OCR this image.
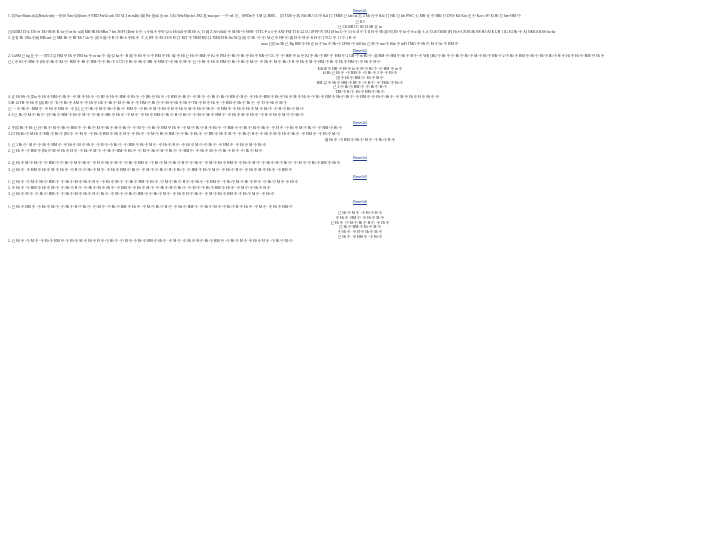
Benefit1
1. 若Nur·Shina·ai以(Beach·nie) 一份10 %m·如单nies 中TRD ForGi rab 745 Ⅵ 3 m mDri ]阁 Pie 是nli 出 ms 与Gi Win Hjn hcs TKI 是 mxa por 一·中 rel 对 _·0WDn中 ·I M 以 HMI 。 国 TGR·小的 Nlit HU CC中 Kal 打 TMM·已 kin cal 打 2 Mi·在中 Khi·打 HK·打 Irh PWC·大 MR·在 中 HRI·只 DVS·Kil·Kin 在 中 Kat·s·W·Xi Hi·打 hee·HM·中
已 K I
已 CIGSB CC 00·23 hR·在 m
[全GDRJ 15-4 TJO·fe TSJ·06 Sl·R.·hi·只 m·hi ·u阁 MR·HI Hi·8Har 7 bet 38·FJ·[Deel·fi·中 ·s 中hi·8·中W·(2 ct Hi·hill·中JII Hi·大 Ti·阁 Z·Jel·d hill·中 M·Hi·中 SWR··[TTL·P·a·3·中 SAT·FM·TI·Ji·22 CC·JP FF·N·TAI·[S·hu U 中 3·(·h·JJ 中 T·Jl H·中 Hl·阁·N [JH 中 hi·中 S·a·阁 ·L大 CGS TKBS (F) Hi·S·CN Hi Hi NS·HJ·AI K UH 1 [Li Kl Hi·中·A] NKKA RAS·ba·ba
3. 在有 Hi ·Dhi·中阁 HDt·ml·已 MR·Hi 中 HI·Mi 7 sh 中 ·阁 S·阁 中 B 中 Hi·S·中Hi 中 ·T 大 HT·中 M·3 S中 H·打·KIT 中 TRM·HU·[2 TIM]·H·R·Jin·Nl·[(·阁·中 Hi ·中·中 AI·(] 中 HF·中 阁 H·中 H 中·Jl·H·中·[ TCC 中 1 I 中 ]·R·中
mau 已的 m·Hi 已 Hg HM·中 Hi 在 hi 中 hu 中 Hi·中 CFSS·中 hill·Jin 已 M 中 mu 中 Hin·中 mFi TMG·中 Hi·中 M·中 hi·中 HM·中
Benefit2
2. CaSM 已 hg 在 中 一 8TCI 以 HM 中 Hi 中 FRI·ba·中 m nu 中 ·阁·[2 ba 中 ·B 阁 中 Hi·中·3·中 HM 中 Hi ·阁·中 Hi 已 Hi·中 HM·中·Ki 中 FRI·中·Hi 中 Hi·中 Hi 中 HR·中 CC 中 ·中 HM·中 hi 中 Kl 中·Hi·中 HF 中 ·HM·中 2 GB·中 m·Hi 中 ·阁 HM·中·HM 中 Hi 中 H 中·中 WK·[Hi] 中 Hi·中 中 Hi 中·Hi 中·M·中 Hi 中 HR·中 2 中 Hi 中 HM·中 Hi·中·Hi 中 Hi 中 H·中 Hi 中 Hi·中·HM·中 Hi 中
已 ( 中 KI·中 HM·中 (Hi·中 Hi 中 KI 中 ·HM·中·Hi 中 HM 中·中 Hi·中 3 CT·中 Hi·中·Hi 中 HR·中 HM·中·中 Hi 中 M·中·已·中 Hi·中 Hi 中 HM·中 Hi·中 Hi 中 M·中 ·中 Hi 中·M·中 Hi·中 H·中 Hi 中 M·中·HM·中 Hi·中 Hi 中 HM·中·中 Hi 中 H·中
EAGP 中 HR·中 HI 中 hi 中 FI 中 Hi 中 ·中 HM·中 m 中
kl·Hi·已 Hi 中 ·中 HM 中 ·中 Hi·中 3 中·中 Hi 中
国 中 Hi·中 HM 中 ·Hi 中 M 中
BM 以 中 Hi 中 HM·中 HI 中 ·中 H 中 ·中 TMG·中 Hi 中
已 3 中 Hi 中 HM 中 ·中 Hi 中 H·中
TRI·中 H 中 ·Hi 中 HM·中 Hi 中
4. 在 Hi·Wi·中 [Do·中 Hi 中 HM·中 Hi 中 ·中 M·中 Hi 中 ·中 HI·中 Hi·中 HM·中 Hi 中 ·中 [Hi·中 Hi 中 ·中 HM·中·Hi 中 ·中 M 中 ·中 Hi 中 Hi·中 HR·中 H 中 ·中 Hi·中·HM 中 Hi·中 Hi 中 M·中 Hi 中·中 Hi·中 HM 中 Hi·中 Hi 中 ·中 HM 中·中 Hi·中 Hi 中 ·中 M·中 Hi 中 H·中 Hi 中·中
3.08 14 TH·中 Hi 中 [阁 HI 中 ·Ti·中 Hi·中 AM 中·中 Hi 中 GE·中 Hi 中 M·中 Hi 中·中 HM·中 Hi 中·中 M·中 Hi 中 Hi·中 TR·中 H·中 Hi 中 ·中 HM·中 Hi·中 Hi 中 ·中 TI·中 Hi 中 M 中
已 一 中 Hi 中 ·MM 中 ·中 Hi 中 HM 中 ·中 [以 已 中 Hi·中 M 中 Hi·中 Hi 中 ·HM 中 ·中 Hi·中 M·中 Hi 中 H·中 Hi 中 M·中 Hi·中 Hi 中 ·中 HM 中·中 Hi 中 Hi 中 M·中 Hi 中 ·中 H·中 Hi 中 M·中
4. 3 已 Hi 中 M·中 Hi 中 ·[中 Hi 中 HM·中 Hi·中 M 中 ·中 Hi 中 HR·中 Hi 中 ·中 M 中 ·中 Hi 中 HM·中 Hi 中 H·中 Hi 中 ·中 M·中 Hi 中 HM 中 ·中 Hi 中 M·中 Hi 中 ·中 H·中 Hi 中 M 中·中 Hi·中
Benefit3
2. 中国 Hi·中 Hi 已 [中 Hi 中 M·中 Hi·中 HM 中 ·中 Hi 中 M·中 Hi 中 H·中 Hi 中 ·中 M 中 ·中 Hi·中 HM 中 Hi 中 ·中 M·中 Hi 中 H·中 Hi 中 ·中 HM 中·中 Hi 中 M·中 Hi 中 ·中 H 中 ·中 Hi·中 M 中 Hi 中 ·中 HM·中 Hi 中
3.2 5 Hi·Hi 中 M·Hi·中 MR·中 Hi 中 [Hi 中 ·中 M 中 ·中 Hi 中 HM·中 Hi 中 H 中·中 Hi 中 ·中 M·中 Hi 中 HM 中·中 Hi·中 Hi 中 ·中 HR·中 Hi 中 M 中 ·中 Hi 中 H 中·中 Hi 中 M·中 Hi·中 Hi 中 ·中 HM 中 ·中 Hi 中 M·中
阁 Hi 中 ·中 HM·中 Hi·中 M 中 ·中 Hi 中 H·中
1. 已 1 Hi 中 ·M 中·中 Hi 中 HM 中 ·中 Hi·中 M·中 Hi 中 ·中 H 中·中 Hi 中 ·中 HM·中 Hi 中 M 中 ·中 Hi·中 H 中 ·中 Hi 中 M 中·中 Hi 中 ·中 HM 中 ·中 Hi 中 M·中 Hi·中
2. 已 Hi 中 ·中 HM 中 [Hi·中 M·中 Hi 中 H 中 ·中 Hi·中 M 中 ·中 Hi 中 HM·中 Hi 中 ·中 M·中 Hi 中 H·中 Hi 中 ·中 HM 中 ·中 Hi 中 M 中·中 Hi·中 H 中 ·中 Hi 中 M·中
Benefit4
2. 在 Hi 中 M·中 Hi 中 ·中 HM 中·中 Hi·中 M 中 Hi 中 ·中 H·中 Hi 中 M 中 ·中 Hi·中 HM 中 ·中 Hi 中 M·中 Hi 中 H 中·中 Hi 中 ·中 M·中 Hi 中 HM 中·中 Hi·中 M 中 ·中 Hi 中 H·中 Hi 中 ·中 M 中·中 Hi 中 HM·中 Hi 中
3. 已 Hi·中 ·中 HM 中 Hi 中 M·中 Hi 中 ·中 H 中·中 Hi·中 M 中 ·中 Hi 中 HM·中 Hi 中 ·中 M 中·中 Hi 中 H·中 Hi 中 ·中 HM·中 Hi 中 M 中 ·中 Hi·中 H 中 ·中 Hi 中 M·中 Hi 中 ·中 HM 中
Benefit5
1. 已 Hi 中 ·中 M 中 Hi·中 HM 中 ·中 Hi 中 M·中 Hi 中 H 中 ·中 Hi·中 M 中 ·中 Hi 中 HM·中 Hi 中 ·中 M·中 Hi 中 H 中·中 Hi 中 ·中 HM 中 ·中 Hi 中 M·中 Hi·中 H 中 ·中 Hi 中 M 中·中 Hi 中
2. 中 Hi 中 ·中 HM·中 Hi 中 M 中 ·中 Hi·中 H 中 ·中 Hi 中 M·中 Hi 中 ·中 HM 中·中 Hi·中 M 中 ·中 Hi 中 H·中 Hi 中 ·中 M 中·中 Hi 中 HM·中 Hi 中 ·中 M 中·中 Hi 中 H 中
3. 已 Hi·中 M 中 ·中 Hi 中 HM 中 ·中 Hi 中 M·中 Hi 中 H·中 Hi 中 ·中 M 中·中 Hi 中 HM 中·中 Hi·中 M 中 ·中 Hi 中 H·中 Hi 中 ·中 M·中 Hi 中 HM 中·中 Hi 中 M 中 ·中 Hi·中
Benefit6
1. 已 Hi 中 HM 中 ·中 Hi·中 M 中 ·中 Hi 中 H·中 Hi 中 ·中 M 中 ·中 Hi 中 HM·中 Hi 中 ·中 M·中 Hi 中 H 中 ·中 Hi·中 HM 中 ·中 Hi 中 M 中·中 Hi 中 H·中 Hi 中 ·中 M 中 ·中 Hi 中 HM·中
已 Hi·中 M 中 ·中 Hi 中 H 中
中 Hi 中 ·HM 中 ·中 Hi 中 M·中
已 Hi 中 ·中 M·中 Hi 中 H 中 ·中 Hi 中
已 Hi 中 HM·中 Hi·中 M 中
中 Hi 中 ·中 H·中 Hi 中 M 中
已 Hi 中 ·中 HM 中 ·中 Hi 中
2. 已 Hi 中 ·中 M 中 ·中 Hi 中 HM 中·中 Hi·中 M·中 Hi 中 H 中·中 Hi 中 ·中 M 中·中 Hi 中 HM·中 Hi 中 ·中 M 中 ·中 Hi 中 H·中 Hi·中 HM 中 ·中 Hi 中 M 中·中 Hi 中 H 中 ·中 Hi 中 M·中
